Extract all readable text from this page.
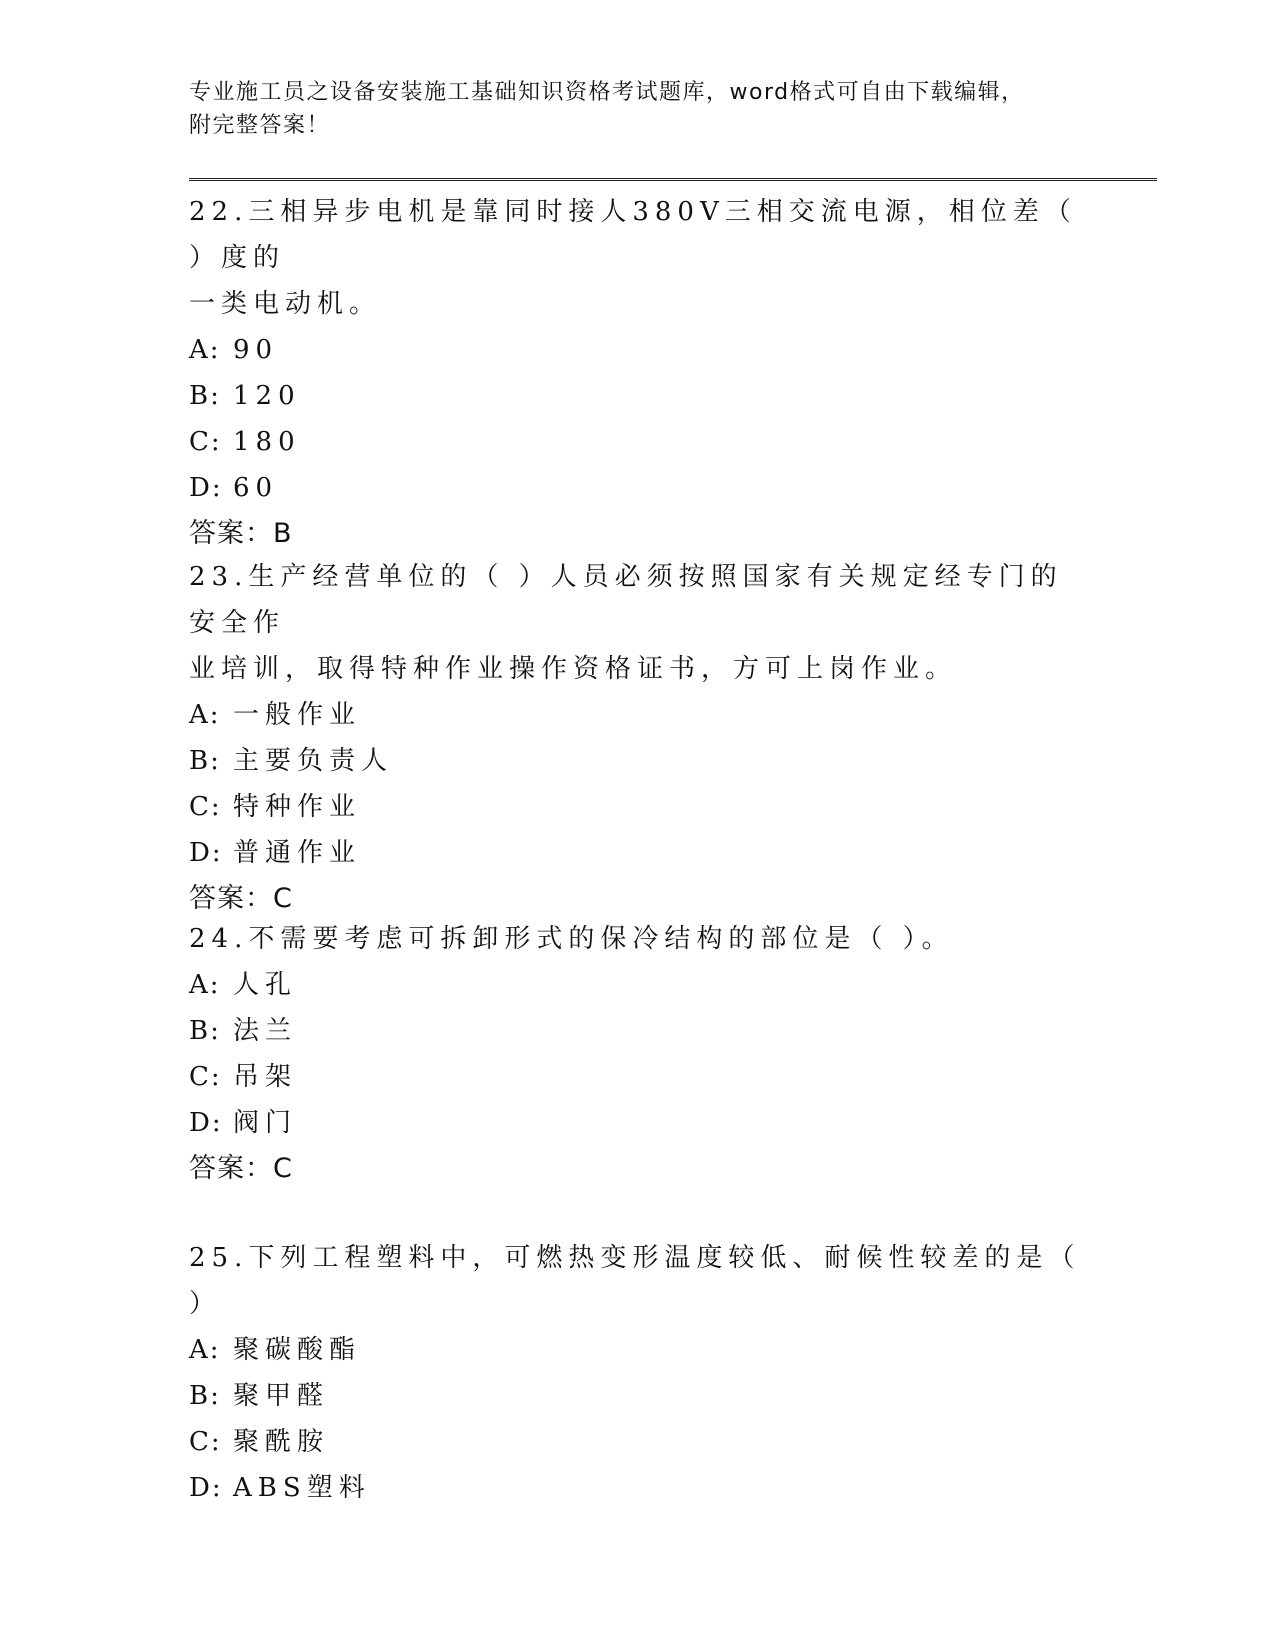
专业施工员之设备安装施工基础知识资格考试题库，word格式可自由下载编辑，
附完整答案！

22.三相异步电机是靠同时接人380V三相交流电源，相位差（ ）度的

一类电动机。

A: 90

B: 120

C: 180

D: 60

答案：B

23.生产经营单位的（ ）人员必须按照国家有关规定经专门的安全作

业培训，取得特种作业操作资格证书，方可上岗作业。

A: 一般作业

B: 主要负责人

C: 特种作业

D: 普通作业

答案：C

24.不需要考虑可拆卸形式的保冷结构的部位是（ ）。

A: 人孔

B: 法兰

C: 吊架

D: 阀门

答案：C

25.下列工程塑料中，可燃热变形温度较低、耐候性较差的是（ ）

A: 聚碳酸酯

B: 聚甲醛

C: 聚酰胺

D: ABS塑料
